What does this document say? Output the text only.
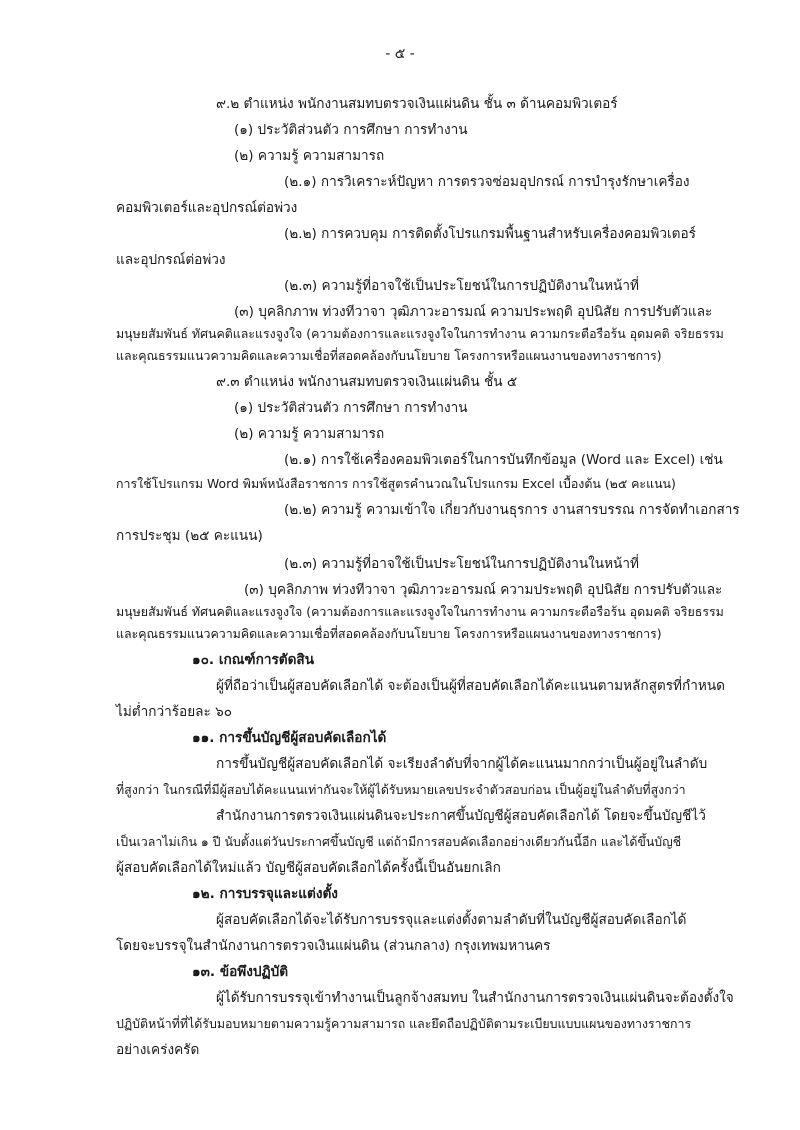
- ๕ -
๙.๒ ตำแหน่ง พนักงานสมทบตรวจเงินแผ่นดิน ชั้น ๓ ด้านคอมพิวเตอร์
(๑) ประวัติส่วนตัว การศึกษา การทำงาน
(๒) ความรู้ ความสามารถ
(๒.๑) การวิเคราะห์ปัญหา การตรวจซ่อมอุปกรณ์ การบำรุงรักษาเครื่อง
คอมพิวเตอร์และอุปกรณ์ต่อพ่วง
(๒.๒) การควบคุม การติดตั้งโปรแกรมพื้นฐานสำหรับเครื่องคอมพิวเตอร์
และอุปกรณ์ต่อพ่วง
(๒.๓) ความรู้ที่อาจใช้เป็นประโยชน์ในการปฏิบัติงานในหน้าที่
(๓) บุคลิกภาพ ท่วงทีวาจา วุฒิภาวะอารมณ์ ความประพฤติ อุปนิสัย การปรับตัวและ
มนุษยสัมพันธ์ ทัศนคติและแรงจูงใจ (ความต้องการและแรงจูงใจในการทำงาน ความกระตือรือร้น อุดมคติ จริยธรรม
และคุณธรรมแนวความคิดและความเชื่อที่สอดคล้องกับนโยบาย โครงการหรือแผนงานของทางราชการ)
๙.๓ ตำแหน่ง พนักงานสมทบตรวจเงินแผ่นดิน ชั้น ๕
(๑) ประวัติส่วนตัว การศึกษา การทำงาน
(๒) ความรู้ ความสามารถ
(๒.๑) การใช้เครื่องคอมพิวเตอร์ในการบันทึกข้อมูล (Word และ Excel) เช่น
การใช้โปรแกรม Word พิมพ์หนังสือราชการ การใช้สูตรคำนวณในโปรแกรม Excel เบื้องต้น (๒๕ คะแนน)
(๒.๒) ความรู้ ความเข้าใจ เกี่ยวกับงานธุรการ งานสารบรรณ การจัดทำเอกสาร
การประชุม (๒๕ คะแนน)
(๒.๓) ความรู้ที่อาจใช้เป็นประโยชน์ในการปฏิบัติงานในหน้าที่
(๓) บุคลิกภาพ ท่วงทีวาจา วุฒิภาวะอารมณ์ ความประพฤติ อุปนิสัย การปรับตัวและ
มนุษยสัมพันธ์ ทัศนคติและแรงจูงใจ (ความต้องการและแรงจูงใจในการทำงาน ความกระตือรือร้น อุดมคติ จริยธรรม
และคุณธรรมแนวความคิดและความเชื่อที่สอดคล้องกับนโยบาย โครงการหรือแผนงานของทางราชการ)
๑๐. เกณฑ์การตัดสิน
ผู้ที่ถือว่าเป็นผู้สอบคัดเลือกได้ จะต้องเป็นผู้ที่สอบคัดเลือกได้คะแนนตามหลักสูตรที่กำหนด
ไม่ต่ำกว่าร้อยละ ๖๐
๑๑. การขึ้นบัญชีผู้สอบคัดเลือกได้
การขึ้นบัญชีผู้สอบคัดเลือกได้ จะเรียงลำดับที่จากผู้ได้คะแนนมากกว่าเป็นผู้อยู่ในลำดับ
ที่สูงกว่า ในกรณีที่มีผู้สอบได้คะแนนเท่ากันจะให้ผู้ได้รับหมายเลขประจำตัวสอบก่อน เป็นผู้อยู่ในลำดับที่สูงกว่า
สำนักงานการตรวจเงินแผ่นดินจะประกาศขึ้นบัญชีผู้สอบคัดเลือกได้ โดยจะขึ้นบัญชีไว้
เป็นเวลาไม่เกิน ๑ ปี นับตั้งแต่วันประกาศขึ้นบัญชี แต่ถ้ามีการสอบคัดเลือกอย่างเดียวกันนี้อีก และได้ขึ้นบัญชี
ผู้สอบคัดเลือกได้ใหม่แล้ว บัญชีผู้สอบคัดเลือกได้ครั้งนี้เป็นอันยกเลิก
๑๒. การบรรจุและแต่งตั้ง
ผู้สอบคัดเลือกได้จะได้รับการบรรจุและแต่งตั้งตามลำดับที่ในบัญชีผู้สอบคัดเลือกได้
โดยจะบรรจุในสำนักงานการตรวจเงินแผ่นดิน (ส่วนกลาง) กรุงเทพมหานคร
๑๓. ข้อพึงปฏิบัติ
ผู้ได้รับการบรรจุเข้าทำงานเป็นลูกจ้างสมทบ ในสำนักงานการตรวจเงินแผ่นดินจะต้องตั้งใจ
ปฏิบัติหน้าที่ที่ได้รับมอบหมายตามความรู้ความสามารถ และยึดถือปฏิบัติตามระเบียบแบบแผนของทางราชการ
อย่างเคร่งครัด
